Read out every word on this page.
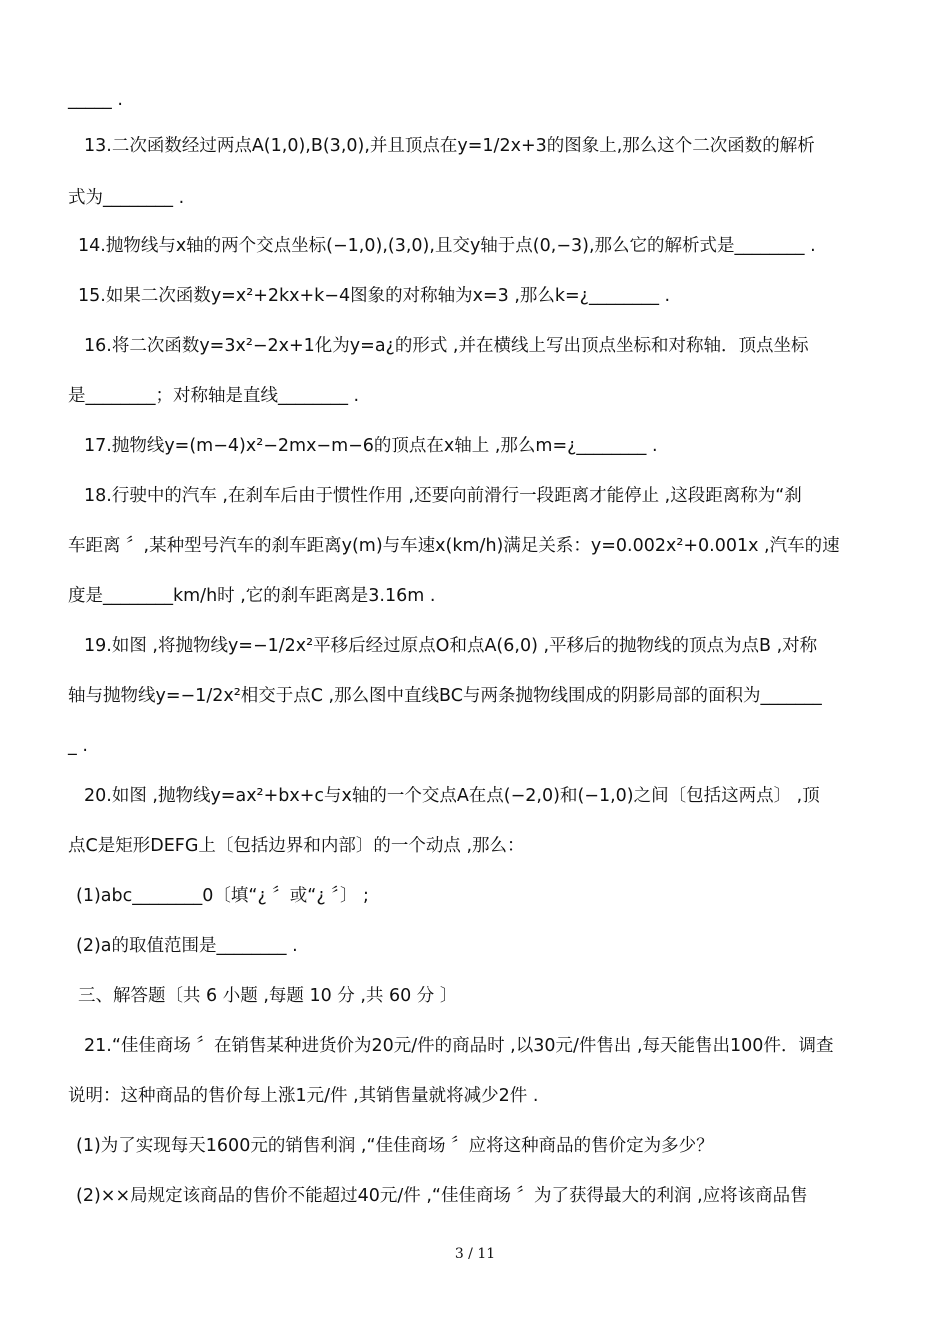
_____ .
13.二次函数经过两点A(1,0),B(3,0),并且顶点在y=1/2x+3的图象上,那么这个二次函数的解析
式为________ .
14.抛物线与x轴的两个交点坐标(−1,0),(3,0),且交y轴于点(0,−3),那么它的解析式是________ .
15.如果二次函数y=x²+2kx+k−4图象的对称轴为x=3 ,那么k=¿________ .
16.将二次函数y=3x²−2x+1化为y=a¿的形式 ,并在横线上写出顶点坐标和对称轴．顶点坐标
是________；对称轴是直线________ .
17.抛物线y=(m−4)x²−2mx−m−6的顶点在x轴上 ,那么m=¿________ .
18.行驶中的汽车 ,在刹车后由于惯性作用 ,还要向前滑行一段距离才能停止 ,这段距离称为“刹
车距离 〞,某种型号汽车的刹车距离y(m)与车速x(km/h)满足关系：y=0.002x²+0.001x ,汽车的速
度是________km/h时 ,它的刹车距离是3.16m .
19.如图 ,将抛物线y=−1/2x²平移后经过原点O和点A(6,0) ,平移后的抛物线的顶点为点B ,对称
轴与抛物线y=−1/2x²相交于点C ,那么图中直线BC与两条抛物线围成的阴影局部的面积为_______
_ .
20.如图 ,抛物线y=ax²+bx+c与x轴的一个交点A在点(−2,0)和(−1,0)之间〔包括这两点〕 ,顶
点C是矩形DEFG上〔包括边界和内部〕的一个动点 ,那么：
(1)abc________0〔填“¿ 〞或“¿ 〞〕 ;
(2)a的取值范围是________ .
三、解答题〔共 6 小题 ,每题 10 分 ,共 60 分 〕
21.“佳佳商场 〞在销售某种进货价为20元/件的商品时 ,以30元/件售出 ,每天能售出100件．调查
说明：这种商品的售价每上涨1元/件 ,其销售量就将减少2件 .
(1)为了实现每天1600元的销售利润 ,“佳佳商场 〞应将这种商品的售价定为多少？
(2)××局规定该商品的售价不能超过40元/件 ,“佳佳商场 〞为了获得最大的利润 ,应将该商品售
3 / 11
